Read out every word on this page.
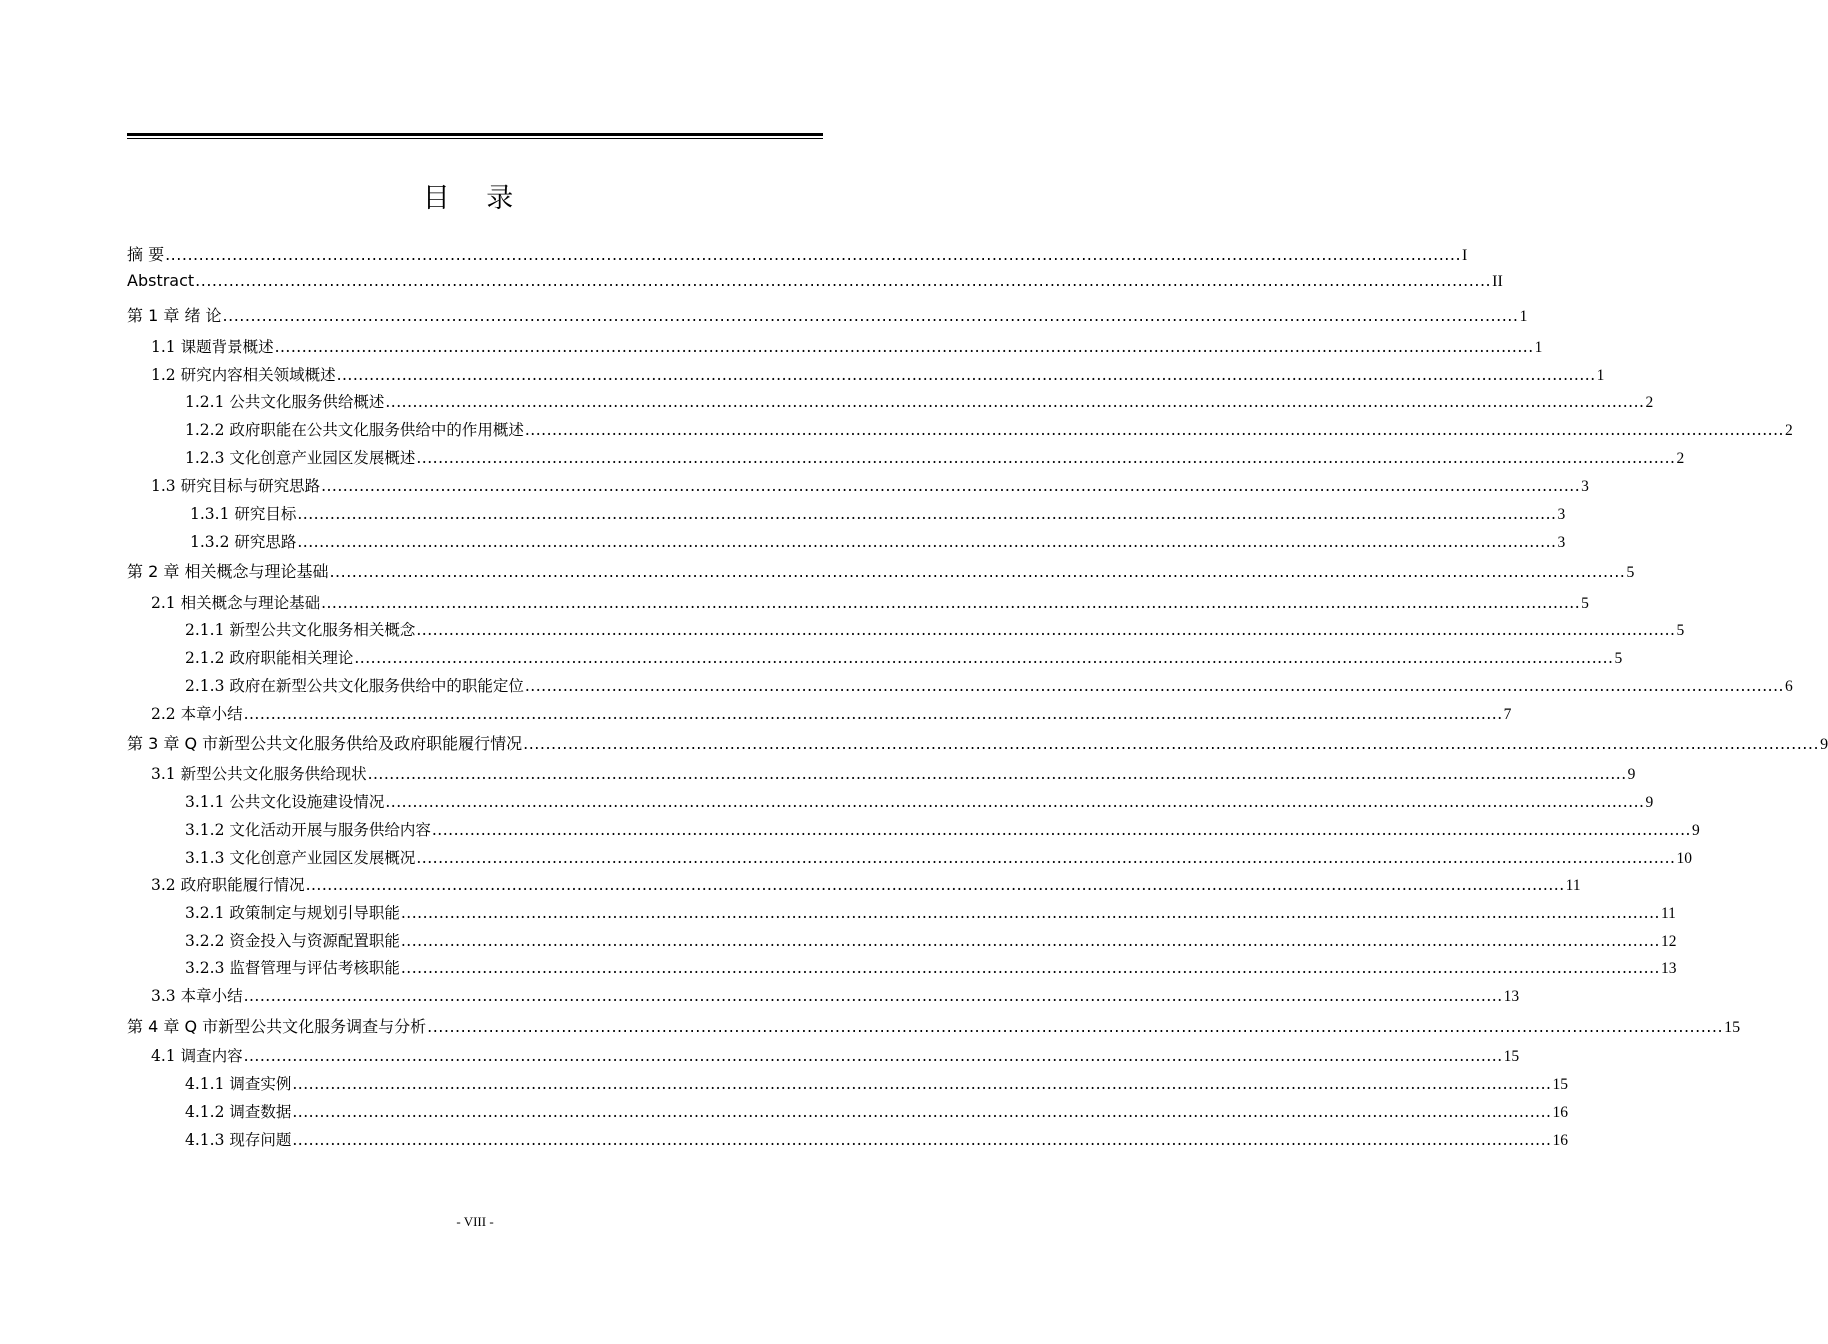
目 录
摘 要 ........................................................................................................................................................................................................................................ I
Abstract ........................................................................................................................................................................................................................................ II
第 1 章 绪 论 ........................................................................................................................................................................................................................................ 1
1.1 课题背景概述 ........................................................................................................................................................................................................................................ 1
1.2 研究内容相关领域概述 ........................................................................................................................................................................................................................................ 1
1.2.1 公共文化服务供给概述 ........................................................................................................................................................................................................................................ 2
1.2.2 政府职能在公共文化服务供给中的作用概述 ........................................................................................................................................................................................................................................ 2
1.2.3 文化创意产业园区发展概述 ........................................................................................................................................................................................................................................ 2
1.3 研究目标与研究思路 ........................................................................................................................................................................................................................................ 3
1.3.1 研究目标 ........................................................................................................................................................................................................................................ 3
1.3.2 研究思路 ........................................................................................................................................................................................................................................ 3
第 2 章 相关概念与理论基础 ........................................................................................................................................................................................................................................ 5
2.1 相关概念与理论基础 ........................................................................................................................................................................................................................................ 5
2.1.1 新型公共文化服务相关概念 ........................................................................................................................................................................................................................................ 5
2.1.2 政府职能相关理论 ........................................................................................................................................................................................................................................ 5
2.1.3 政府在新型公共文化服务供给中的职能定位 ........................................................................................................................................................................................................................................ 6
2.2 本章小结 ........................................................................................................................................................................................................................................ 7
第 3 章 Q 市新型公共文化服务供给及政府职能履行情况 ........................................................................................................................................................................................................................................ 9
3.1 新型公共文化服务供给现状 ........................................................................................................................................................................................................................................ 9
3.1.1 公共文化设施建设情况 ........................................................................................................................................................................................................................................ 9
3.1.2 文化活动开展与服务供给内容 ........................................................................................................................................................................................................................................ 9
3.1.3 文化创意产业园区发展概况 ........................................................................................................................................................................................................................................ 10
3.2 政府职能履行情况 ........................................................................................................................................................................................................................................ 11
3.2.1 政策制定与规划引导职能 ........................................................................................................................................................................................................................................ 11
3.2.2 资金投入与资源配置职能 ........................................................................................................................................................................................................................................ 12
3.2.3 监督管理与评估考核职能 ........................................................................................................................................................................................................................................ 13
3.3 本章小结 ........................................................................................................................................................................................................................................ 13
第 4 章 Q 市新型公共文化服务调查与分析 ........................................................................................................................................................................................................................................ 15
4.1 调查内容 ........................................................................................................................................................................................................................................ 15
4.1.1 调查实例 ........................................................................................................................................................................................................................................ 15
4.1.2 调查数据 ........................................................................................................................................................................................................................................ 16
4.1.3 现存问题 ........................................................................................................................................................................................................................................ 16
- VIII -
